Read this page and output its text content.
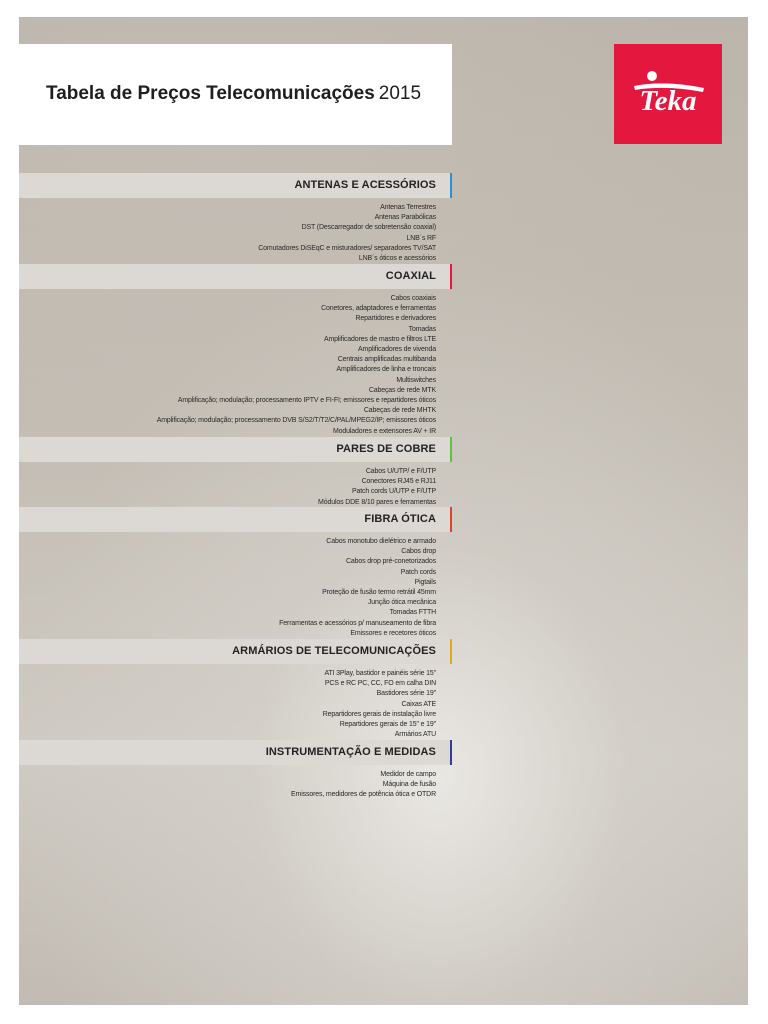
Tabela de Preços Telecomunicações 2015	Teka
ANTENAS E ACESSÓRIOS
Antenas Terrestres
Antenas Parabólicas
DST (Descarregador de sobretensão coaxial)
LNB´s RF
Comutadores DiSEqC e misturadores/ separadores TV/SAT
LNB´s óticos e acessórios
COAXIAL
Cabos coaxiais
Conetores, adaptadores e ferramentas
Repartidores e derivadores
Tomadas
Amplificadores de mastro e filtros LTE
Amplificadores de vivenda
Centrais amplificadas multibanda
Amplificadores de linha e troncais
Multiswitches
Cabeças de rede MTK
Amplificação; modulação; processamento IPTV e FI-FI; emissores e repartidores óticos
Cabeças de rede MHTK
Amplificação; modulação; processamento DVB S/S2/T/T2/C/PAL/MPEG2/IP; emissores óticos
Moduladores e extensores AV + IR
PARES DE COBRE
Cabos U/UTP/ e F/UTP
Conectores RJ45 e RJ11
Patch cords U/UTP e F/UTP
Módulos DDE 8/10 pares e ferramentas
FIBRA ÓTICA
Cabos monotubo dielétrico e armado
Cabos drop
Cabos drop pré-conetorizados
Patch cords
Pigtails
Proteção de fusão termo retrátil 45mm
Junção ótica mecânica
Tomadas FTTH
Ferramentas e acessórios p/ manuseamento de fibra
Emissores e recetores óticos
ARMÁRIOS DE TELECOMUNICAÇÕES
ATI 3Play, bastidor e painéis série 15"
PCS e RC PC, CC, FO em calha DIN
Bastidores série 19"
Caixas ATE
Repartidores gerais de instalação livre
Repartidores gerais de 15" e 19"
Armários ATU
INSTRUMENTAÇÃO E MEDIDAS
Medidor de campo
Máquina de fusão
Emissores, medidores de potência ótica e OTDR
